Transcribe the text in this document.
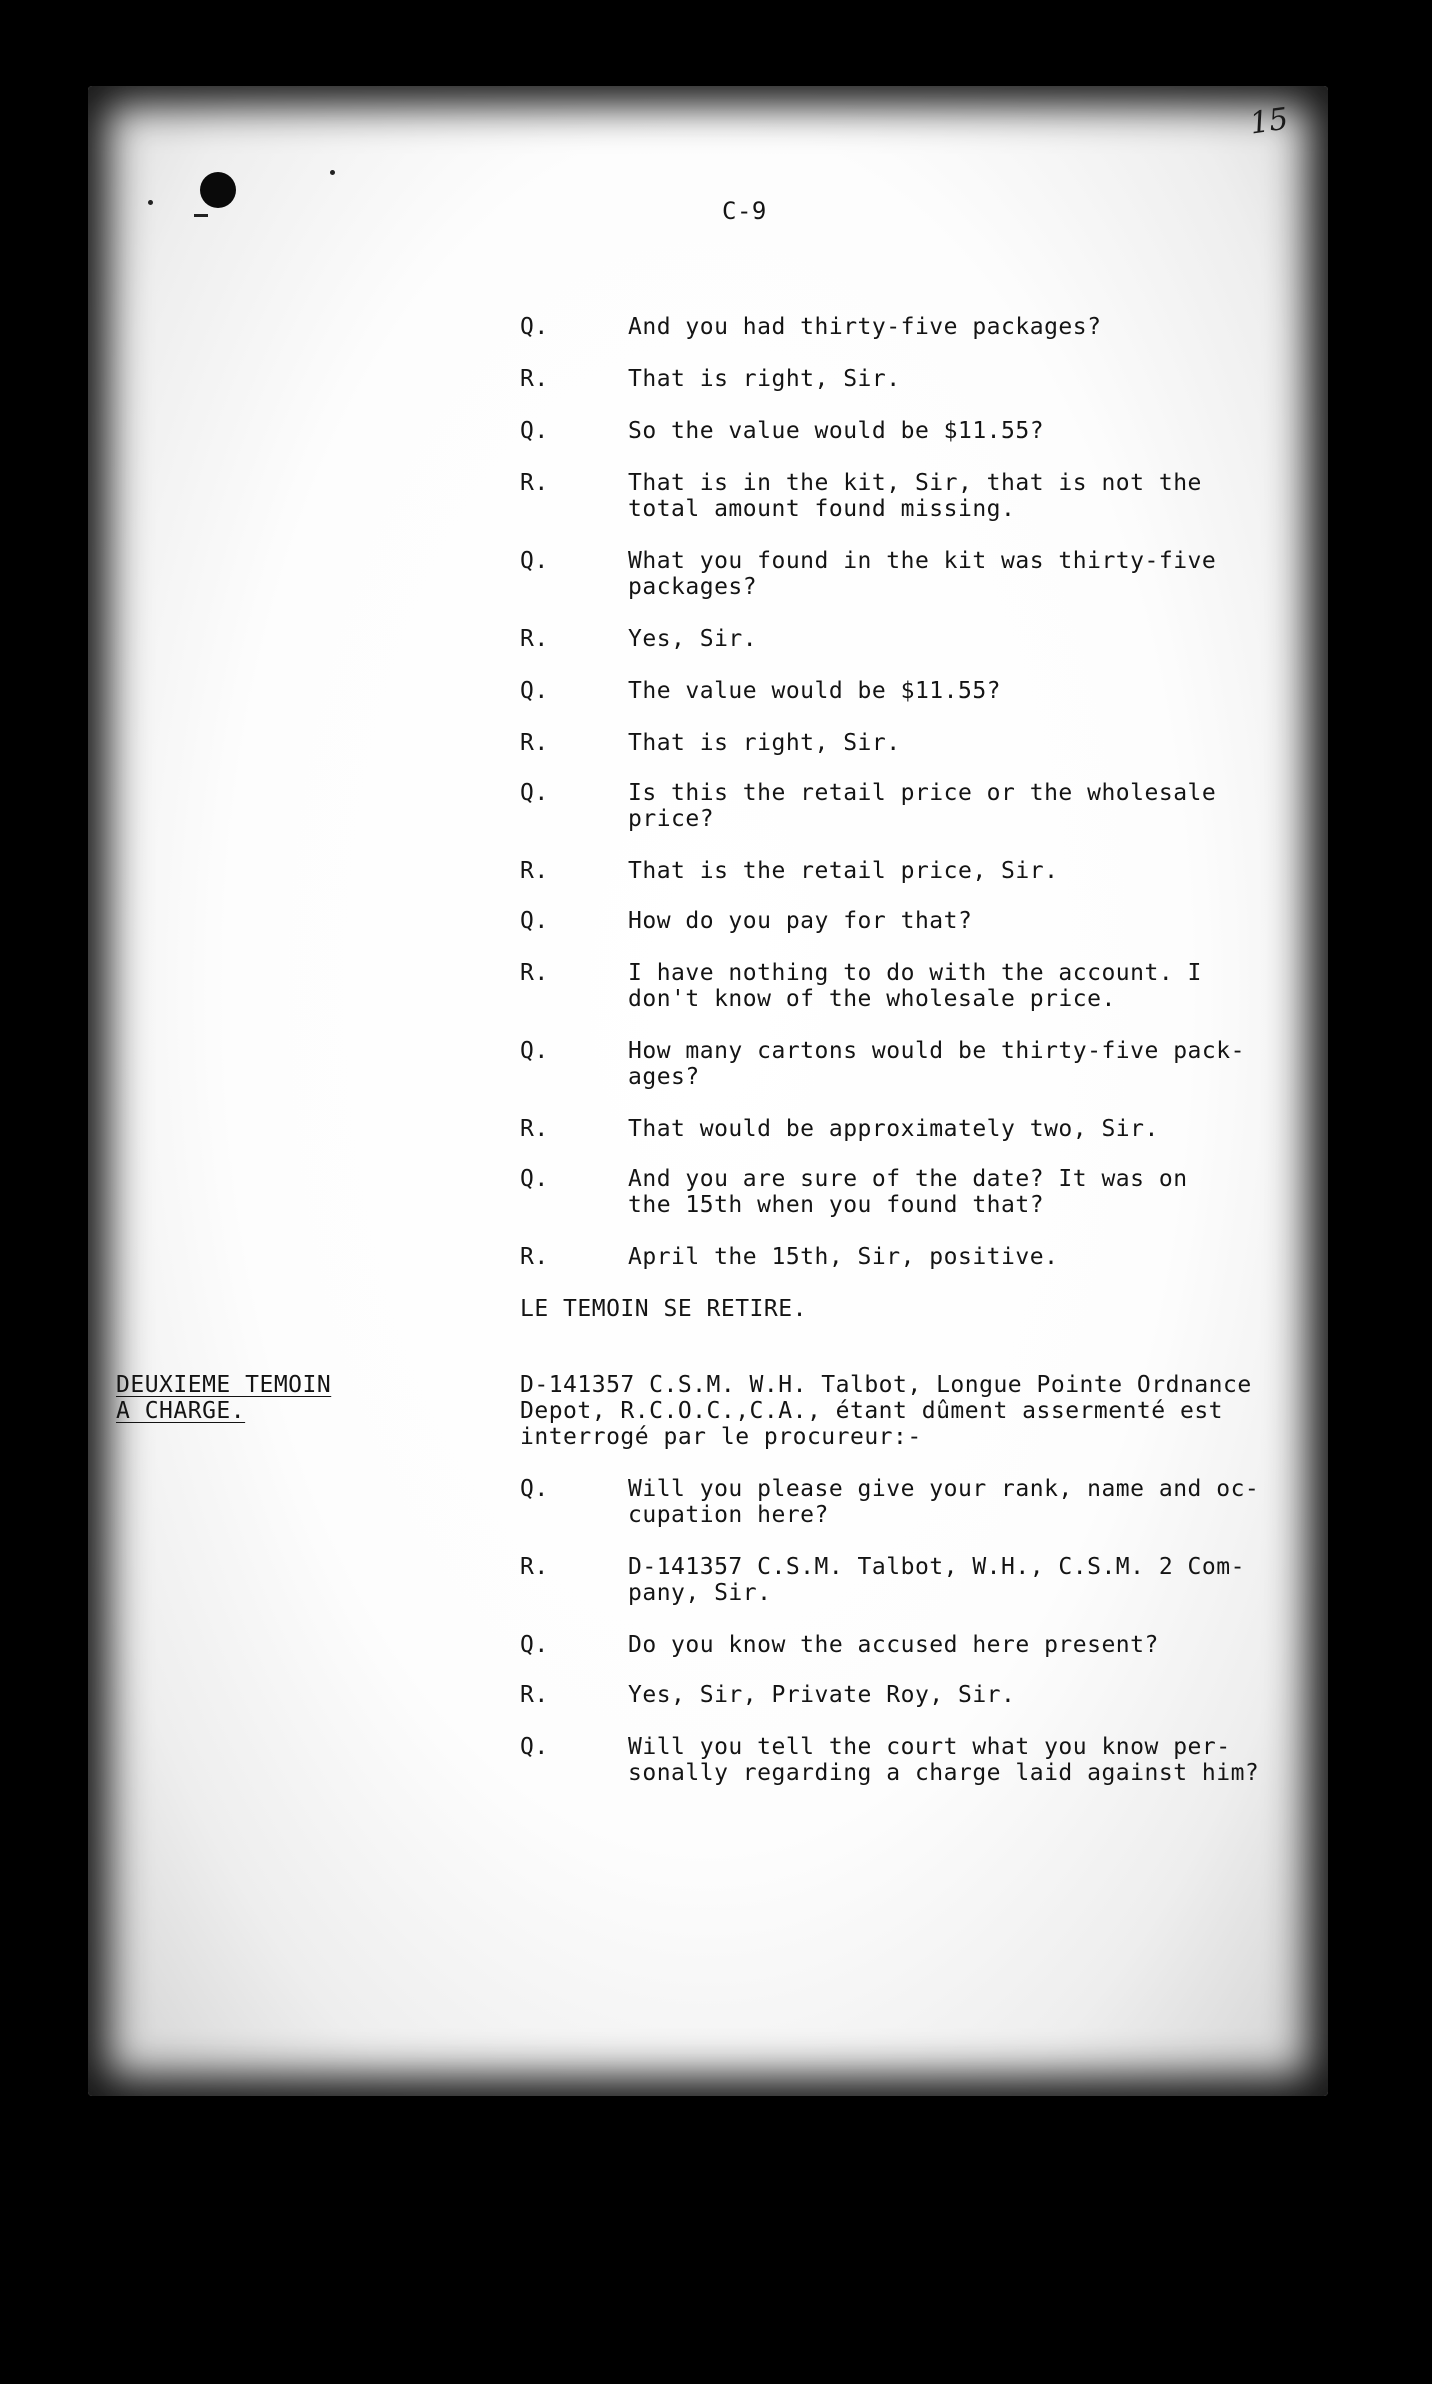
15
C-9
Q.	And you had thirty-five packages?
R.	That is right, Sir.
Q.	So the value would be $11.55?
R.	That is in the kit, Sir, that is not the
total amount found missing.
Q.	What you found in the kit was thirty-five
packages?
R.	Yes, Sir.
Q.	The value would be $11.55?
R.	That is right, Sir.
Q.	Is this the retail price or the wholesale
price?
R.	That is the retail price, Sir.
Q.	How do you pay for that?
R.	I have nothing to do with the account. I
don't know of the wholesale price.
Q.	How many cartons would be thirty-five pack-
ages?
R.	That would be approximately two, Sir.
Q.	And you are sure of the date? It was on
the 15th when you found that?
R.	April the 15th, Sir, positive.
LE TEMOIN SE RETIRE.
DEUXIEME TEMOIN
A CHARGE.
D-141357 C.S.M. W.H. Talbot, Longue Pointe Ordnance
Depot, R.C.O.C.,C.A., étant dûment assermenté est
interrogé par le procureur:-
Q.	Will you please give your rank, name and oc-
cupation here?
R.	D-141357 C.S.M. Talbot, W.H., C.S.M. 2 Com-
pany, Sir.
Q.	Do you know the accused here present?
R.	Yes, Sir, Private Roy, Sir.
Q.	Will you tell the court what you know per-
sonally regarding a charge laid against him?
